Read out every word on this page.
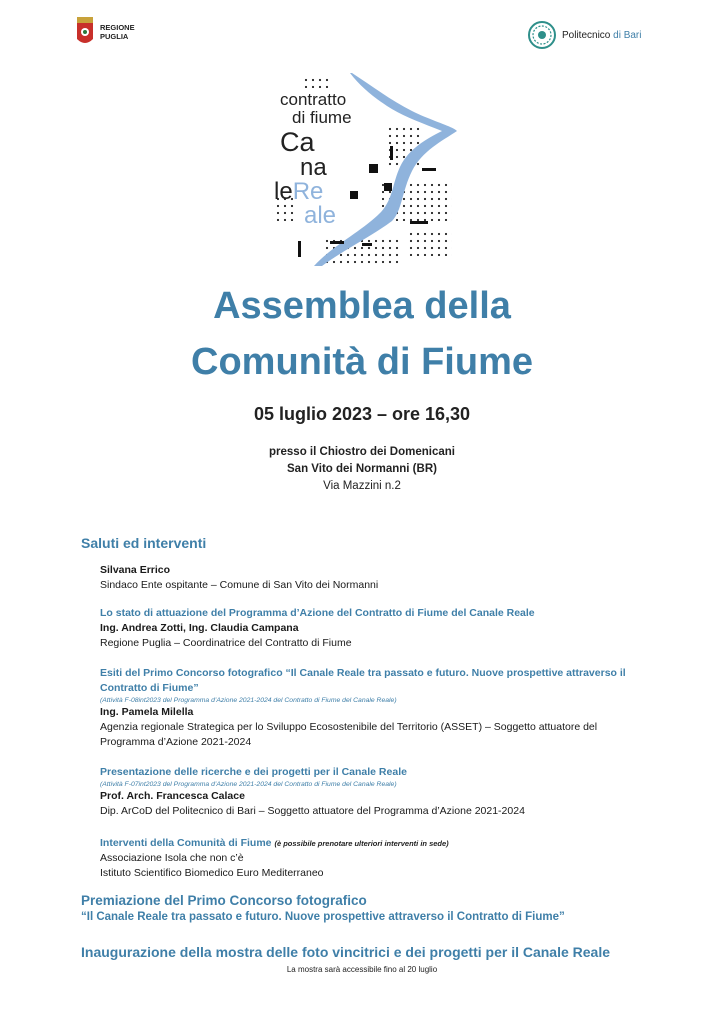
REGIONE
PUGLIA	Politecnico di Bari
contratto
di fiume
Ca
na
leRe
ale
Assemblea della
Comunità di Fiume
05 luglio 2023 – ore 16,30
presso il Chiostro dei Domenicani
San Vito dei Normanni (BR)
Via Mazzini n.2
Saluti ed interventi
Silvana Errico
Sindaco Ente ospitante – Comune di San Vito dei Normanni
Lo stato di attuazione del Programma d’Azione del Contratto di Fiume del Canale Reale
Ing. Andrea Zotti, Ing. Claudia Campana
Regione Puglia – Coordinatrice del Contratto di Fiume
Esiti del Primo Concorso fotografico “Il Canale Reale tra passato e futuro. Nuove prospettive attraverso il
Contratto di Fiume”
(Attività F-08int2023 del Programma d’Azione 2021-2024 del Contratto di Fiume del Canale Reale)
Ing. Pamela Milella
Agenzia regionale Strategica per lo Sviluppo Ecosostenibile del Territorio (ASSET) – Soggetto attuatore del
Programma d’Azione 2021-2024
Presentazione delle ricerche e dei progetti per il Canale Reale
(Attività F-07int2023 del Programma d’Azione 2021-2024 del Contratto di Fiume del Canale Reale)
Prof. Arch. Francesca Calace
Dip. ArCoD del Politecnico di Bari – Soggetto attuatore del Programma d’Azione 2021-2024
Interventi della Comunità di Fiume (è possibile prenotare ulteriori interventi in sede)
Associazione Isola che non c’è
Istituto Scientifico Biomedico Euro Mediterraneo
Premiazione del Primo Concorso fotografico
“Il Canale Reale tra passato e futuro. Nuove prospettive attraverso il Contratto di Fiume”
Inaugurazione della mostra delle foto vincitrici e dei progetti per il Canale Reale
La mostra sarà accessibile fino al 20 luglio
